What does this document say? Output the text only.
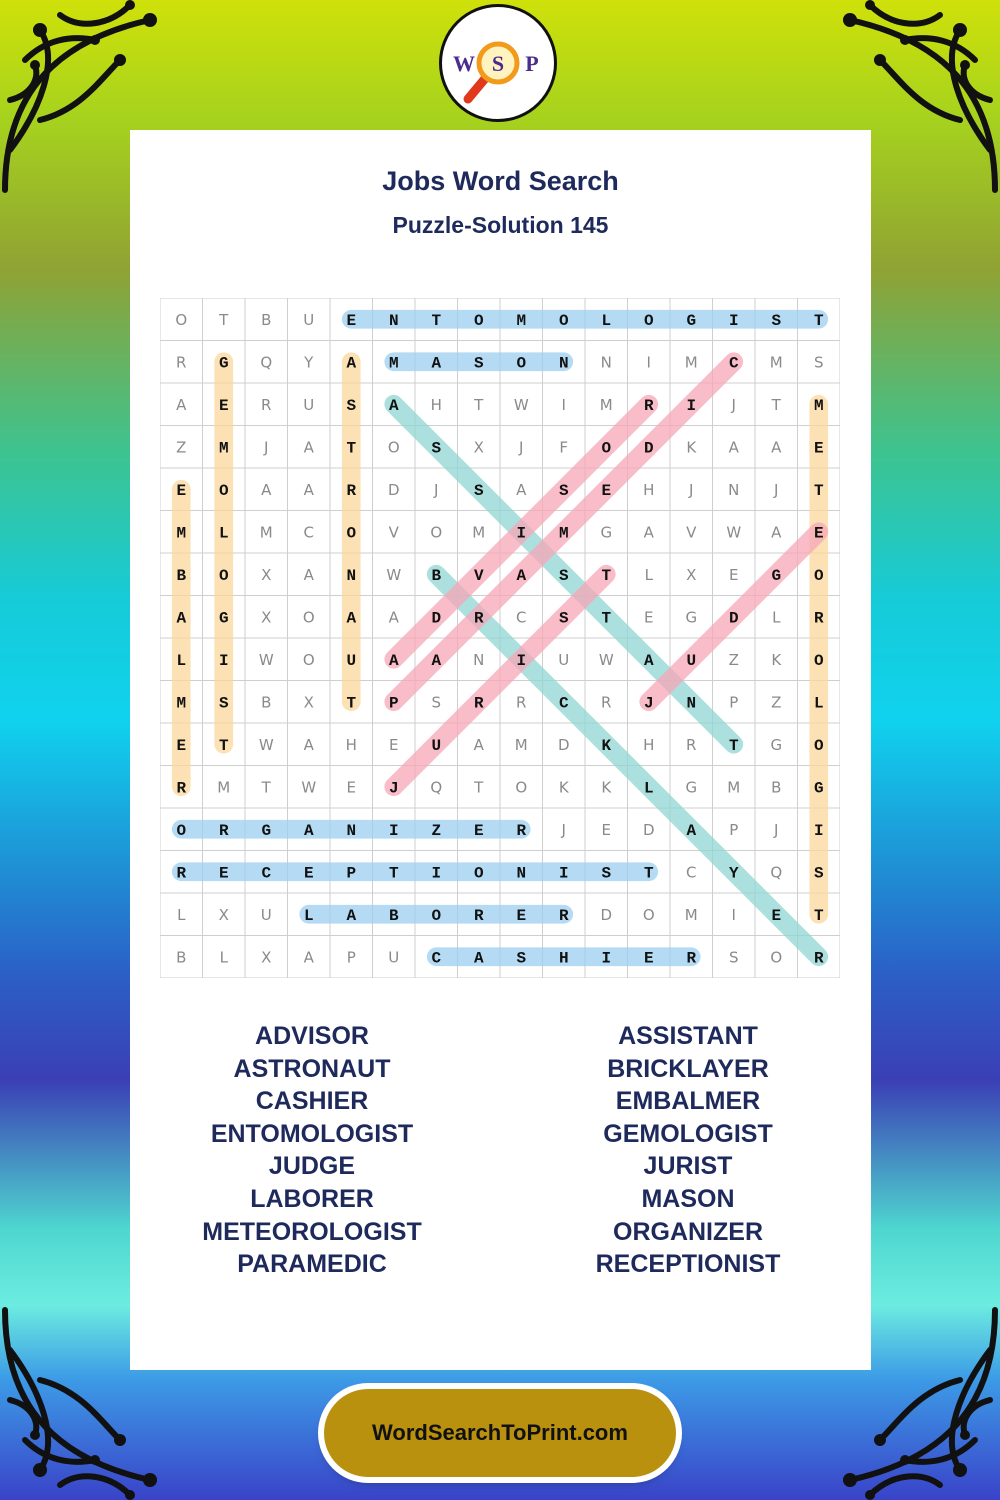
W S P
Jobs Word Search
Puzzle-Solution 145
O T B U E N T O M O L O G I S T
R G Q Y A M A S O N N I M C M S
A E R U S A H T W I M R I J T M
Z M J A T O S X J F O D K A A E
E O A A R D J S A S E H J N J T
M L M C O V O M I M G A V W A E
B O X A N W B V A S T L X E G O
A G X O A A D R C S T E G D L R
L I W O U A A N I U W A U Z K O
M S B X T P S R R C R J N P Z L
E T W A H E U A M D K H R T G O
R M T W E J Q T O K K L G M B G
O R G A N I Z E R J E D A P J I
R E C E P T I O N I S T C Y Q S
L X U L A B O R E R D O M I E T
B L X A P U C A S H I E R S O R
ADVISOR
ASTRONAUT
CASHIER
ENTOMOLOGIST
JUDGE
LABORER
METEOROLOGIST
PARAMEDIC
ASSISTANT
BRICKLAYER
EMBALMER
GEMOLOGIST
JURIST
MASON
ORGANIZER
RECEPTIONIST
WordSearchToPrint.com
